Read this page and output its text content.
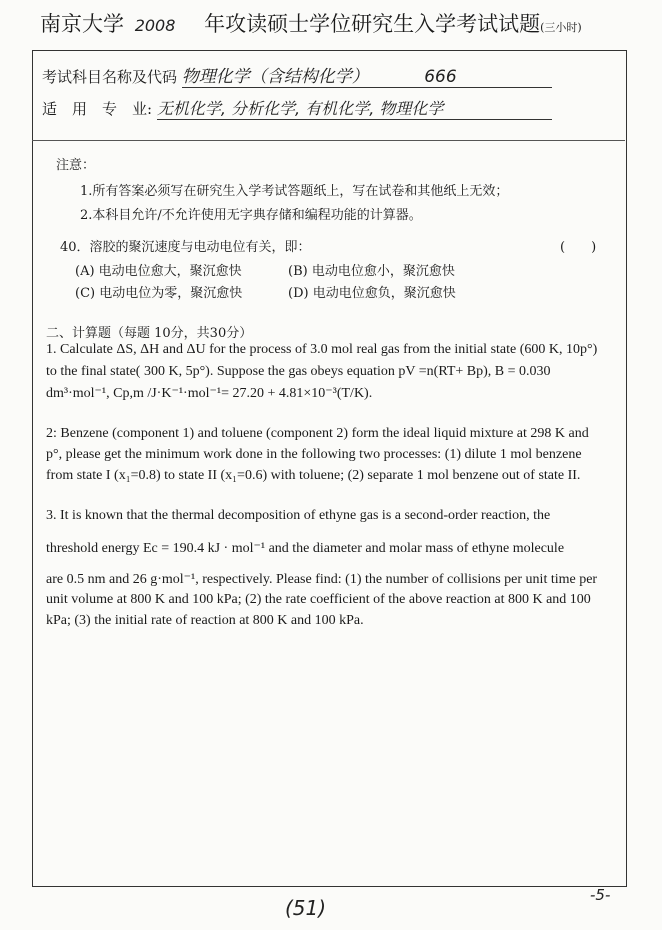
南京大学 2008 年攻读硕士学位研究生入学考试试题(三小时)
考试科目名称及代码 物理化学（含结构化学）	666
适　用　专　业: 无机化学, 分析化学, 有机化学, 物理化学
注意：
1.所有答案必须写在研究生入学考试答题纸上，写在试卷和其他纸上无效；
2.本科目允许/不允许使用无字典存储和编程功能的计算器。
40．溶胶的聚沉速度与电动电位有关，即：	(　　)
(A) 电动电位愈大，聚沉愈快	(B) 电动电位愈小，聚沉愈快
(C) 电动电位为零，聚沉愈快	(D) 电动电位愈负，聚沉愈快
二、计算题（每题 10分，共30分）
1. Calculate ΔS, ΔH and ΔU for the process of 3.0 mol real gas from the initial state (600 K, 10p°)
to the final state( 300 K, 5p°). Suppose the gas obeys equation pV =n(RT+ Bp), B = 0.030
dm³·mol⁻¹, Cp,m /J·K⁻¹·mol⁻¹= 27.20 + 4.81×10⁻³(T/K).
2: Benzene (component 1) and toluene (component 2) form the ideal liquid mixture at 298 K and
p°, please get the minimum work done in the following two processes: (1) dilute 1 mol benzene
from state I (x₁=0.8) to state II (x₁=0.6) with toluene; (2) separate 1 mol benzene out of state II.
3. It is known that the thermal decomposition of ethyne gas is a second-order reaction, the
threshold energy Ec = 190.4 kJ · mol⁻¹ and the diameter and molar mass of ethyne molecule
are 0.5 nm and 26 g·mol⁻¹, respectively. Please find: (1) the number of collisions per unit time per
unit volume at 800 K and 100 kPa; (2) the rate coefficient of the above reaction at 800 K and 100
kPa; (3) the initial rate of reaction at 800 K and 100 kPa.
(51)
-5-
